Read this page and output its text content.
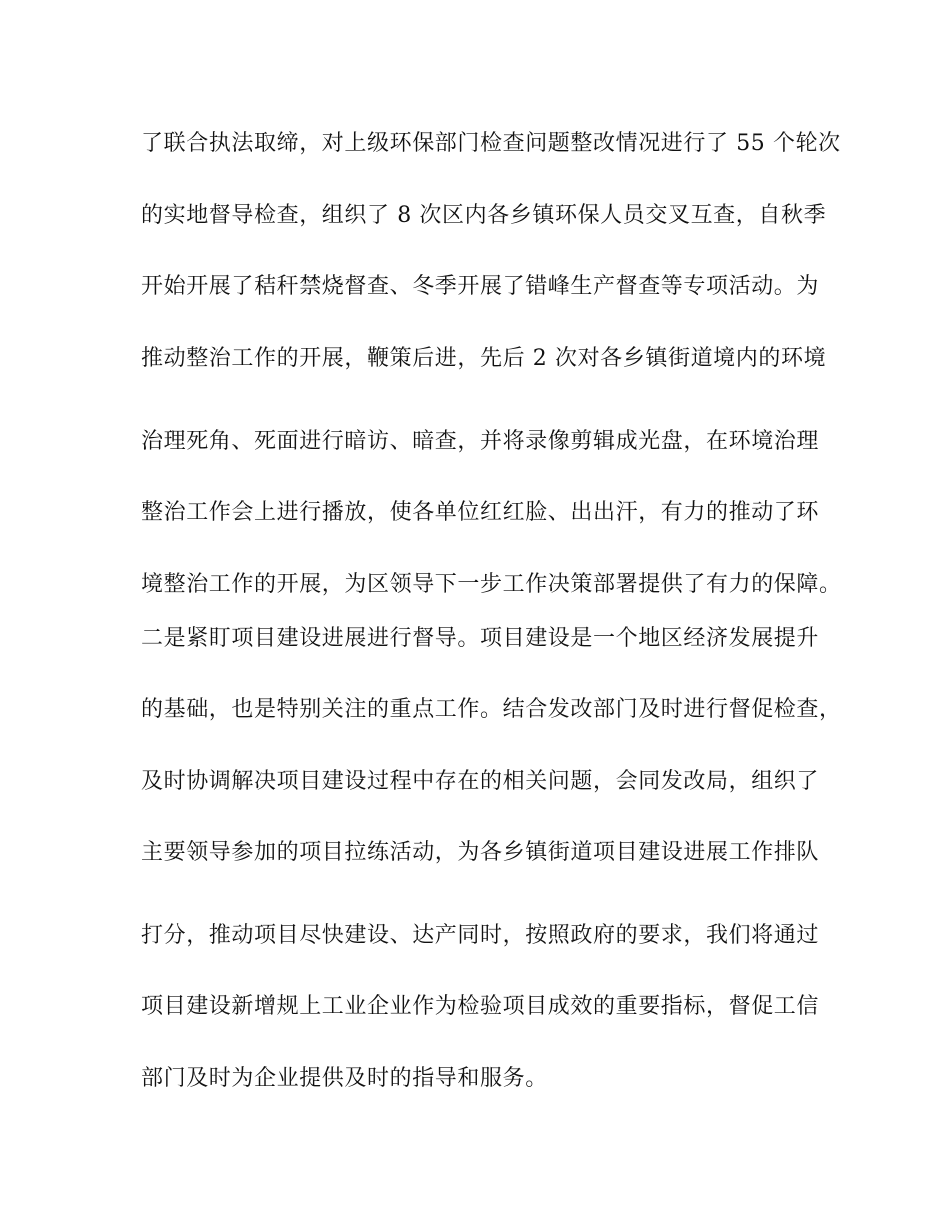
了联合执法取缔，对上级环保部门检查问题整改情况进行了 55 个轮次
的实地督导检查，组织了 8 次区内各乡镇环保人员交叉互查，自秋季
开始开展了秸秆禁烧督查、冬季开展了错峰生产督查等专项活动。为
推动整治工作的开展，鞭策后进，先后 2 次对各乡镇街道境内的环境
治理死角、死面进行暗访、暗查，并将录像剪辑成光盘，在环境治理
整治工作会上进行播放，使各单位红红脸、出出汗，有力的推动了环
境整治工作的开展，为区领导下一步工作决策部署提供了有力的保障。
二是紧盯项目建设进展进行督导。项目建设是一个地区经济发展提升
的基础，也是特别关注的重点工作。结合发改部门及时进行督促检查，
及时协调解决项目建设过程中存在的相关问题，会同发改局，组织了
主要领导参加的项目拉练活动，为各乡镇街道项目建设进展工作排队
打分，推动项目尽快建设、达产同时，按照政府的要求，我们将通过
项目建设新增规上工业企业作为检验项目成效的重要指标，督促工信
部门及时为企业提供及时的指导和服务。
